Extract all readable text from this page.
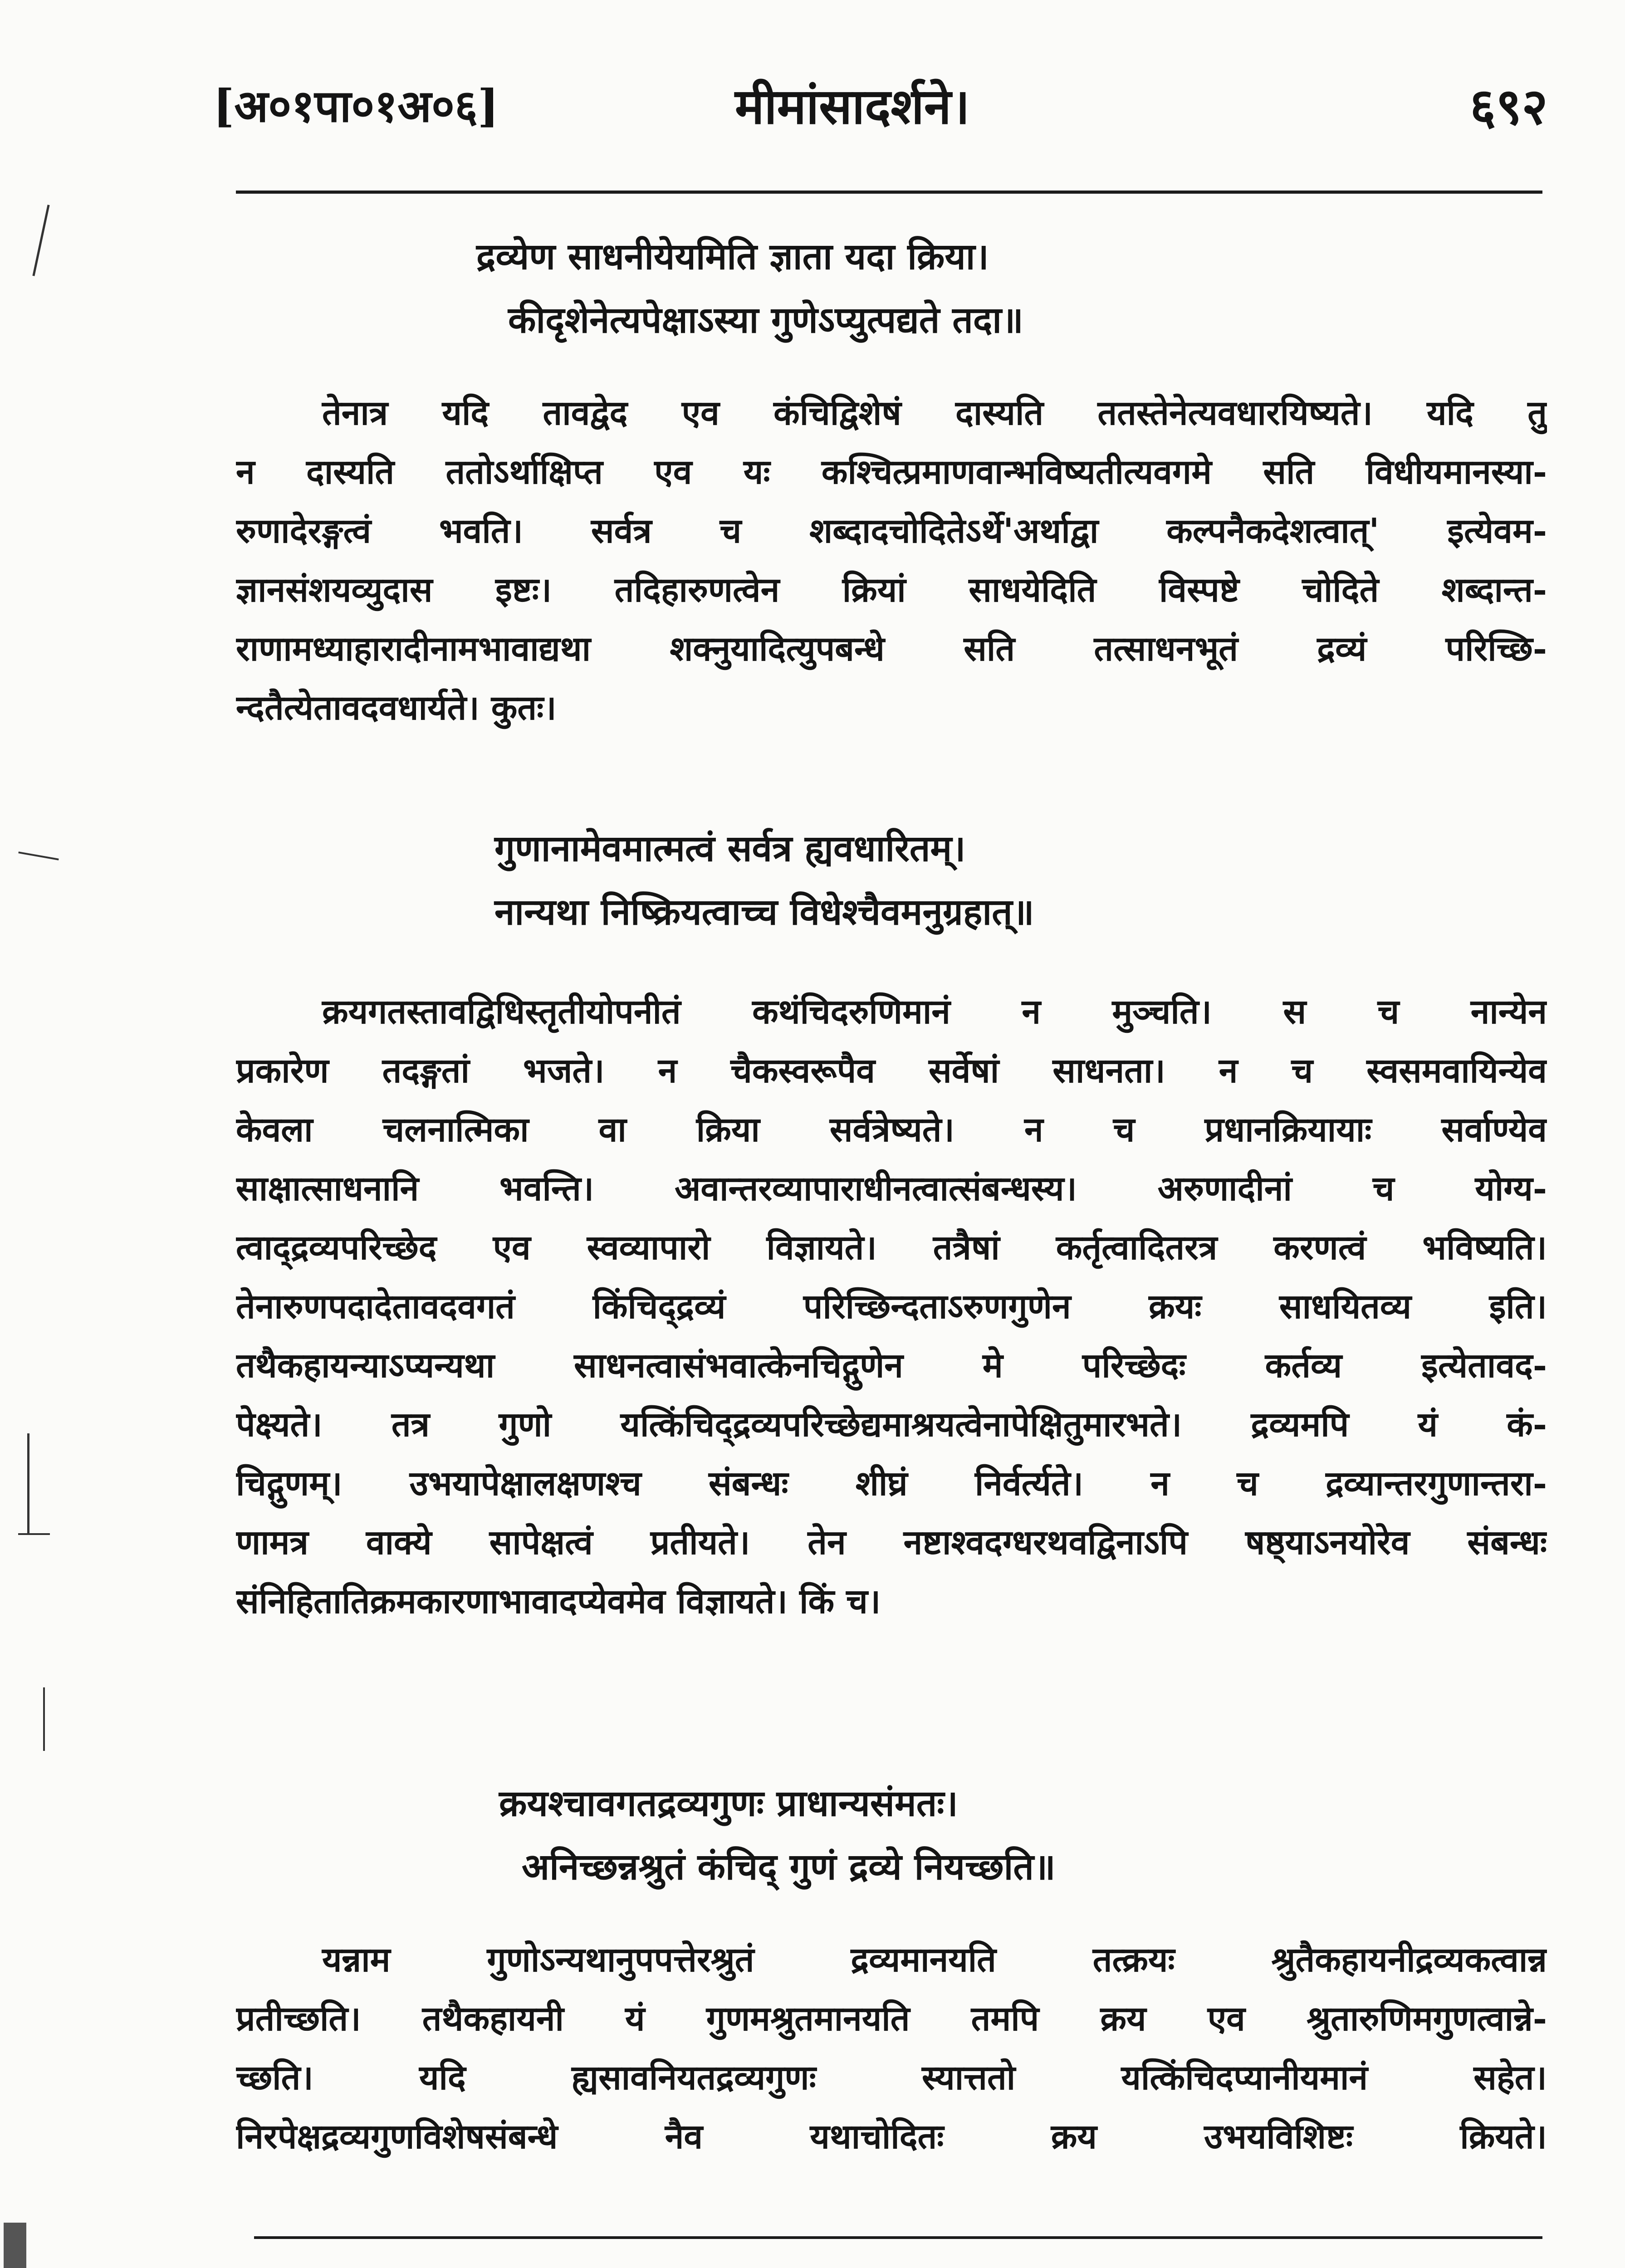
[अ०१पा०१अ०६]	मीमांसादर्शने।	६९२
द्रव्येण साधनीयेयमिति ज्ञाता यदा क्रिया।
कीदृशेनेत्यपेक्षाऽस्या गुणेऽप्युत्पद्यते तदा॥
तेनात्र यदि तावद्वेद एव कंचिद्विशेषं दास्यति ततस्तेनेत्यवधारयिष्यते। यदि तु
न दास्यति ततोऽर्थाक्षिप्त एव यः कश्चित्प्रमाणवान्भविष्यतीत्यवगमे सति विधीयमानस्या-
रुणादेरङ्गत्वं भवति। सर्वत्र च शब्दादचोदितेऽर्थे'अर्थाद्वा कल्पनैकदेशत्वात्' इत्येवम-
ज्ञानसंशयव्युदास इष्टः। तदिहारुणत्वेन क्रियां साधयेदिति विस्पष्टे चोदिते शब्दान्त-
राणामध्याहारादीनामभावाद्यथा शक्नुयादित्युपबन्धे सति तत्साधनभूतं द्रव्यं परिच्छि-
न्दतैत्येतावदवधार्यते। कुतः।
गुणानामेवमात्मत्वं सर्वत्र ह्यवधारितम्।
नान्यथा निष्क्रियत्वाच्च विधेश्चैवमनुग्रहात्॥
क्रयगतस्तावद्विधिस्तृतीयोपनीतं कथंचिदरुणिमानं न मुञ्चति। स च नान्येन
प्रकारेण तदङ्गतां भजते। न चैकस्वरूपैव सर्वेषां साधनता। न च स्वसमवायिन्येव
केवला चलनात्मिका वा क्रिया सर्वत्रेष्यते। न च प्रधानक्रियायाः सर्वाण्येव
साक्षात्साधनानि भवन्ति। अवान्तरव्यापाराधीनत्वात्संबन्धस्य। अरुणादीनां च योग्य-
त्वाद्द्रव्यपरिच्छेद एव स्वव्यापारो विज्ञायते। तत्रैषां कर्तृत्वादितरत्र करणत्वं भविष्यति।
तेनारुणपदादेतावदवगतं किंचिद्द्रव्यं परिच्छिन्दताऽरुणगुणेन क्रयः साधयितव्य इति।
तथैकहायन्याऽप्यन्यथा साधनत्वासंभवात्केनचिद्गुणेन मे परिच्छेदः कर्तव्य इत्येतावद-
पेक्ष्यते। तत्र गुणो यत्किंचिद्द्रव्यपरिच्छेद्यमाश्रयत्वेनापेक्षितुमारभते। द्रव्यमपि यं कं-
चिद्गुणम्। उभयापेक्षालक्षणश्च संबन्धः शीघ्रं निर्वर्त्यते। न च द्रव्यान्तरगुणान्तरा-
णामत्र वाक्ये सापेक्षत्वं प्रतीयते। तेन नष्टाश्वदग्धरथवद्विनाऽपि षष्ठ्याऽनयोरेव संबन्धः
संनिहितातिक्रमकारणाभावादप्येवमेव विज्ञायते। किं च।
क्रयश्चावगतद्रव्यगुणः प्राधान्यसंमतः।
अनिच्छन्नश्रुतं कंचिद् गुणं द्रव्ये नियच्छति॥
यन्नाम गुणोऽन्यथानुपपत्तेरश्रुतं द्रव्यमानयति तत्क्रयः श्रुतैकहायनीद्रव्यकत्वान्न
प्रतीच्छति। तथैकहायनी यं गुणमश्रुतमानयति तमपि क्रय एव श्रुतारुणिमगुणत्वान्ने-
च्छति। यदि ह्यसावनियतद्रव्यगुणः स्यात्ततो यत्किंचिदप्यानीयमानं सहेत।
निरपेक्षद्रव्यगुणविशेषसंबन्धे नैव यथाचोदितः क्रय उभयविशिष्टः क्रियते।
